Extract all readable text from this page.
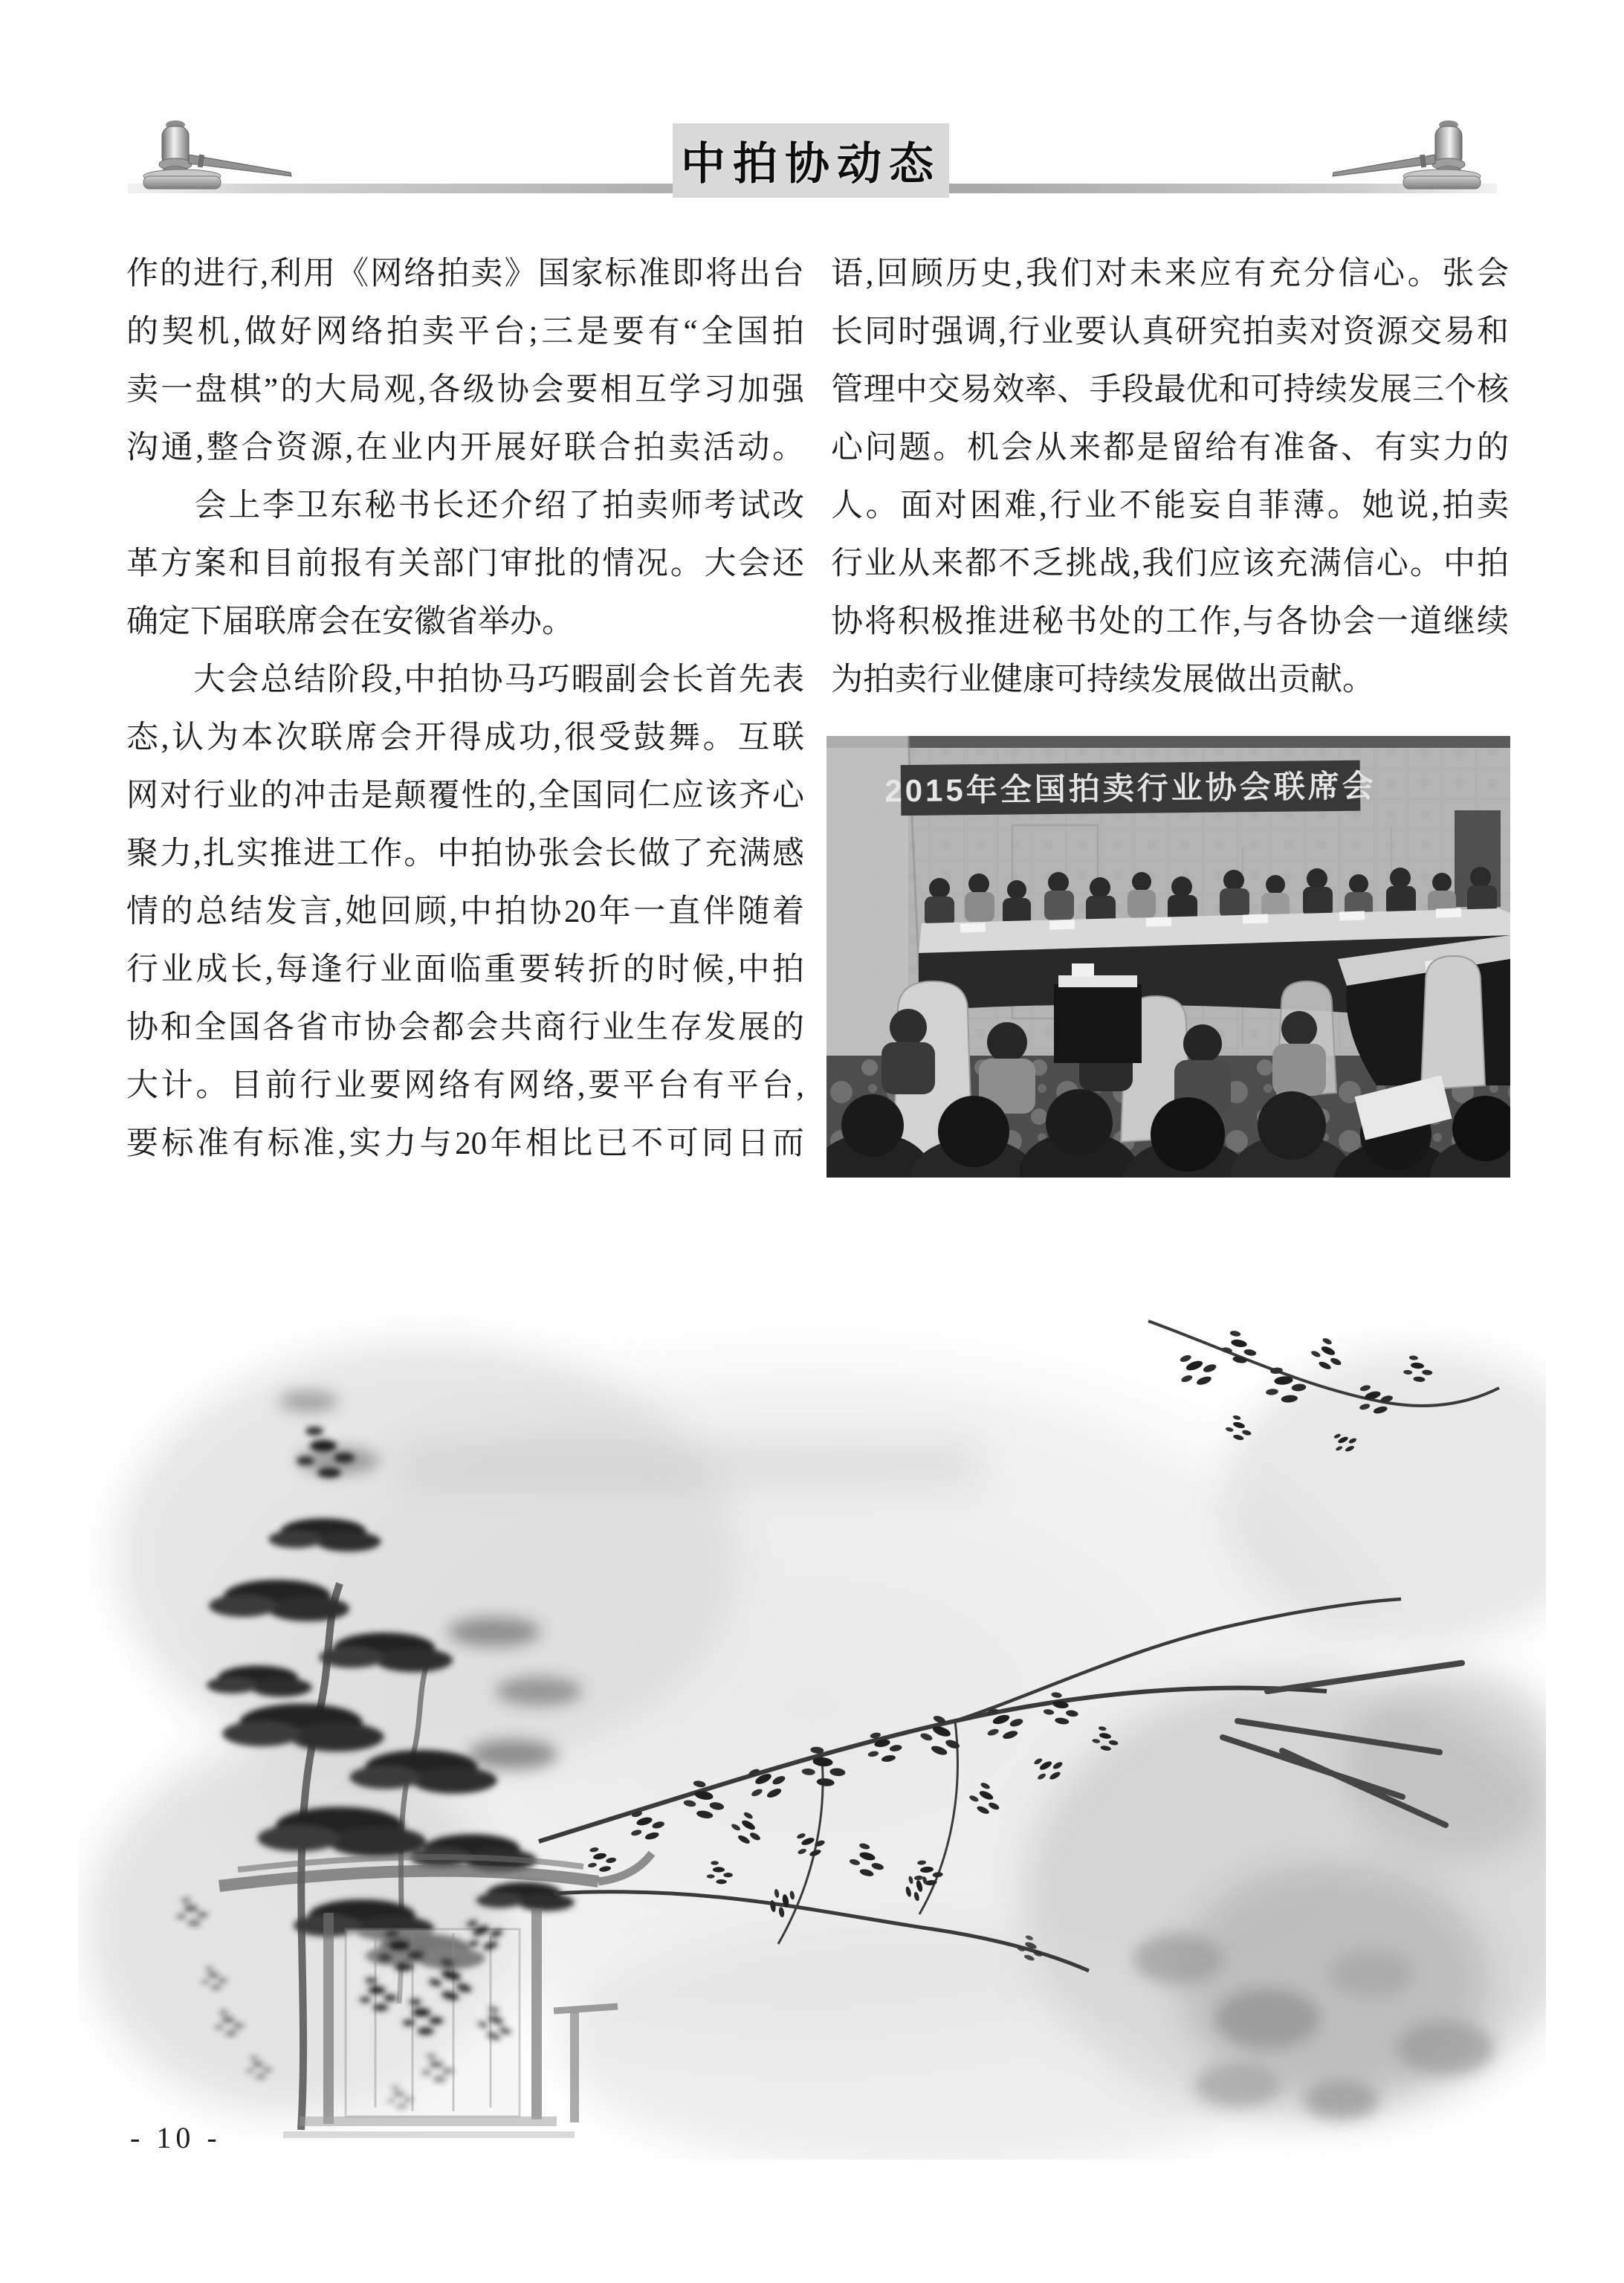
中拍协动态
作的进行,利用《网络拍卖》国家标准即将出台
的契机,做好网络拍卖平台;三是要有“全国拍
卖一盘棋”的大局观,各级协会要相互学习加强
沟通,整合资源,在业内开展好联合拍卖活动。
　　会上李卫东秘书长还介绍了拍卖师考试改
革方案和目前报有关部门审批的情况。大会还
确定下届联席会在安徽省举办。
　　大会总结阶段,中拍协马巧暇副会长首先表
态,认为本次联席会开得成功,很受鼓舞。互联
网对行业的冲击是颠覆性的,全国同仁应该齐心
聚力,扎实推进工作。中拍协张会长做了充满感
情的总结发言,她回顾,中拍协20年一直伴随着
行业成长,每逢行业面临重要转折的时候,中拍
协和全国各省市协会都会共商行业生存发展的
大计。目前行业要网络有网络,要平台有平台,
要标准有标准,实力与20年相比已不可同日而
语,回顾历史,我们对未来应有充分信心。张会
长同时强调,行业要认真研究拍卖对资源交易和
管理中交易效率、手段最优和可持续发展三个核
心问题。机会从来都是留给有准备、有实力的
人。面对困难,行业不能妄自菲薄。她说,拍卖
行业从来都不乏挑战,我们应该充满信心。中拍
协将积极推进秘书处的工作,与各协会一道继续
为拍卖行业健康可持续发展做出贡献。
2015年全国拍卖行业协会联席会
- 10 -
